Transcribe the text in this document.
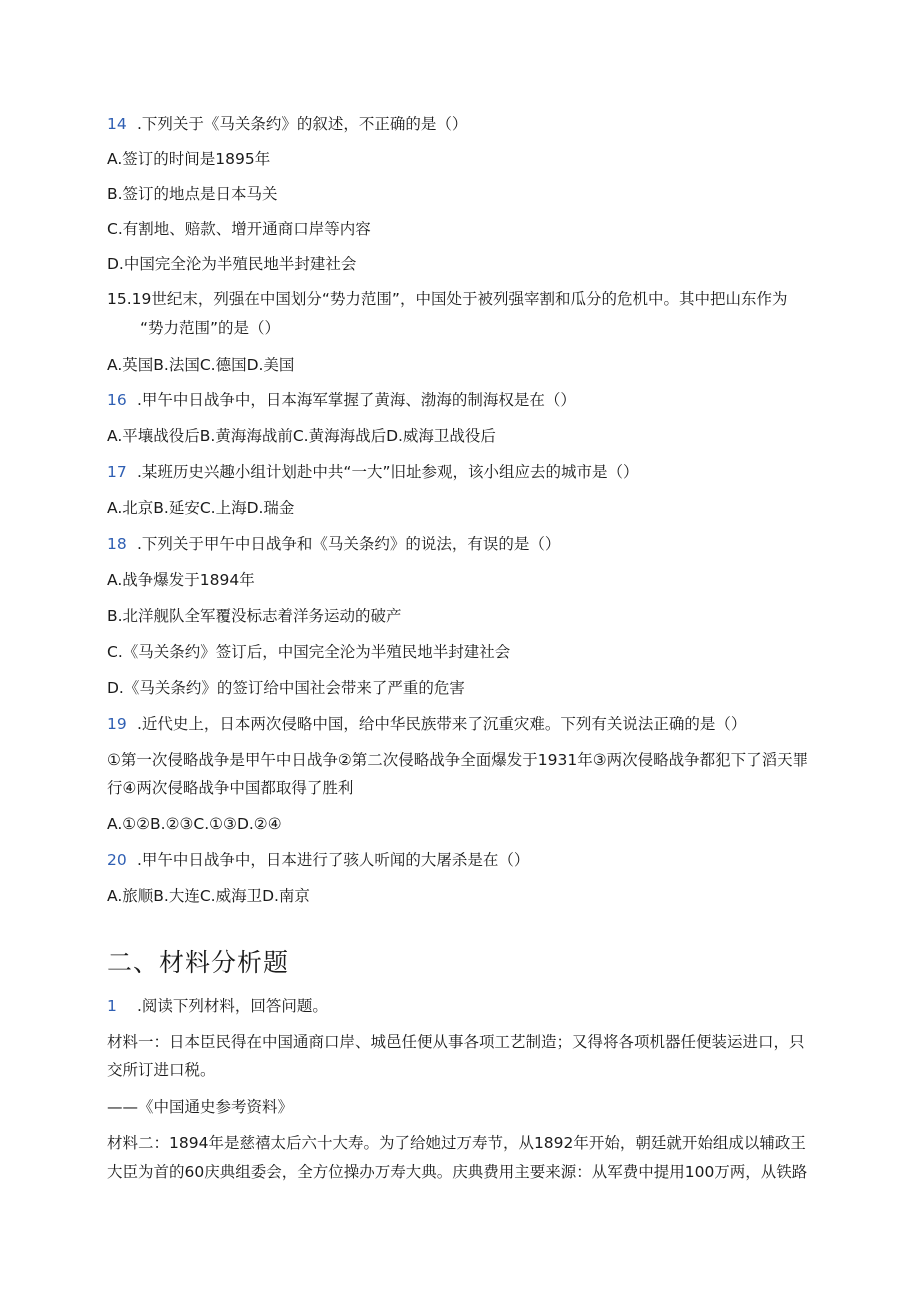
14 .下列关于《马关条约》的叙述，不正确的是（）
A.签订的时间是1895年
B.签订的地点是日本马关
C.有割地、赔款、增开通商口岸等内容
D.中国完全沦为半殖民地半封建社会
15.19世纪末，列强在中国划分“势力范围”，中国处于被列强宰割和瓜分的危机中。其中把山东作为
“势力范围”的是（）
A.英国B.法国C.德国D.美国
16 .甲午中日战争中，日本海军掌握了黄海、渤海的制海权是在（）
A.平壤战役后B.黄海海战前C.黄海海战后D.威海卫战役后
17 .某班历史兴趣小组计划赴中共“一大”旧址参观，该小组应去的城市是（）
A.北京B.延安C.上海D.瑞金
18 .下列关于甲午中日战争和《马关条约》的说法，有误的是（）
A.战争爆发于1894年
B.北洋舰队全军覆没标志着洋务运动的破产
C.《马关条约》签订后，中国完全沦为半殖民地半封建社会
D.《马关条约》的签订给中国社会带来了严重的危害
19 .近代史上，日本两次侵略中国，给中华民族带来了沉重灾难。下列有关说法正确的是（）
①第一次侵略战争是甲午中日战争②第二次侵略战争全面爆发于1931年③两次侵略战争都犯下了滔天罪
行④两次侵略战争中国都取得了胜利
A.①②B.②③C.①③D.②④
20 .甲午中日战争中，日本进行了骇人听闻的大屠杀是在（）
A.旅顺B.大连C.威海卫D.南京
二、材料分析题
1 .阅读下列材料，回答问题。
材料一：日本臣民得在中国通商口岸、城邑任便从事各项工艺制造；又得将各项机器任便装运进口，只
交所订进口税。
——《中国通史参考资料》
材料二：1894年是慈禧太后六十大寿。为了给她过万寿节，从1892年开始，朝廷就开始组成以辅政王
大臣为首的60庆典组委会，全方位操办万寿大典。庆典费用主要来源：从军费中提用100万两，从铁路
